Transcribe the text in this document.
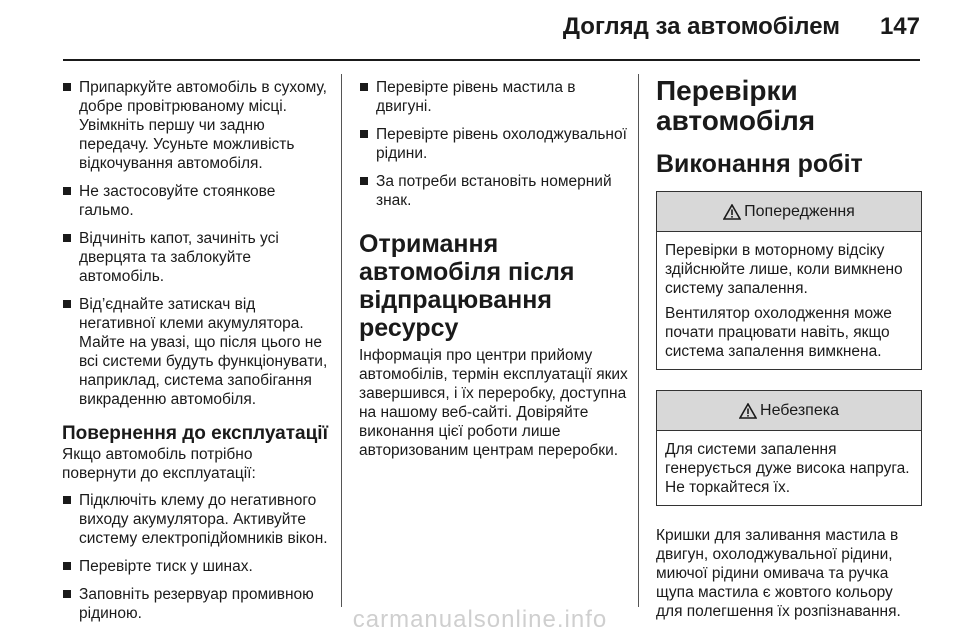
Догляд за автомобілем 147
Припаркуйте автомобіль в сухому, добре провітрюваному місці. Увімкніть першу чи задню передачу. Усуньте можливість відкочування автомобіля.
Не застосовуйте стоянкове гальмо.
Відчиніть капот, зачиніть усі дверцята та заблокуйте автомобіль.
Від’єднайте затискач від негативної клеми акумулятора. Майте на увазі, що після цього не всі системи будуть функціонувати, наприклад, система запобігання викраденню автомобіля.
Повернення до експлуатації

Якщо автомобіль потрібно повернути до експлуатації:

Підключіть клему до негативного виходу акумулятора. Активуйте систему електропідйомників вікон.
Перевірте тиск у шинах.
Заповніть резервуар промивною рідиною.
Перевірте рівень мастила в двигуні.
Перевірте рівень охолоджувальної рідини.
За потреби встановіть номерний знак.
Отримання автомобіля після відпрацювання ресурсу

Інформація про центри прийому автомобілів, термін експлуатації яких завершився, і їх переробку, доступна на нашому веб-сайті. Довіряйте виконання цієї роботи лише авторизованим центрам переробки.

Перевірки автомобіля
Виконання робіт
Попередження

Перевірки в моторному відсіку здійснюйте лише, коли вимкнено систему запалення.

Вентилятор охолодження може почати працювати навіть, якщо система запалення вимкнена.

Небезпека

Для системи запалення генерується дуже висока напруга. Не торкайтеся їх.

Кришки для заливання мастила в двигун, охолоджувальної рідини, миючої рідини омивача та ручка щупа мастила є жовтого кольору для полегшення їх розпізнавання.

carmanualsonline.info
